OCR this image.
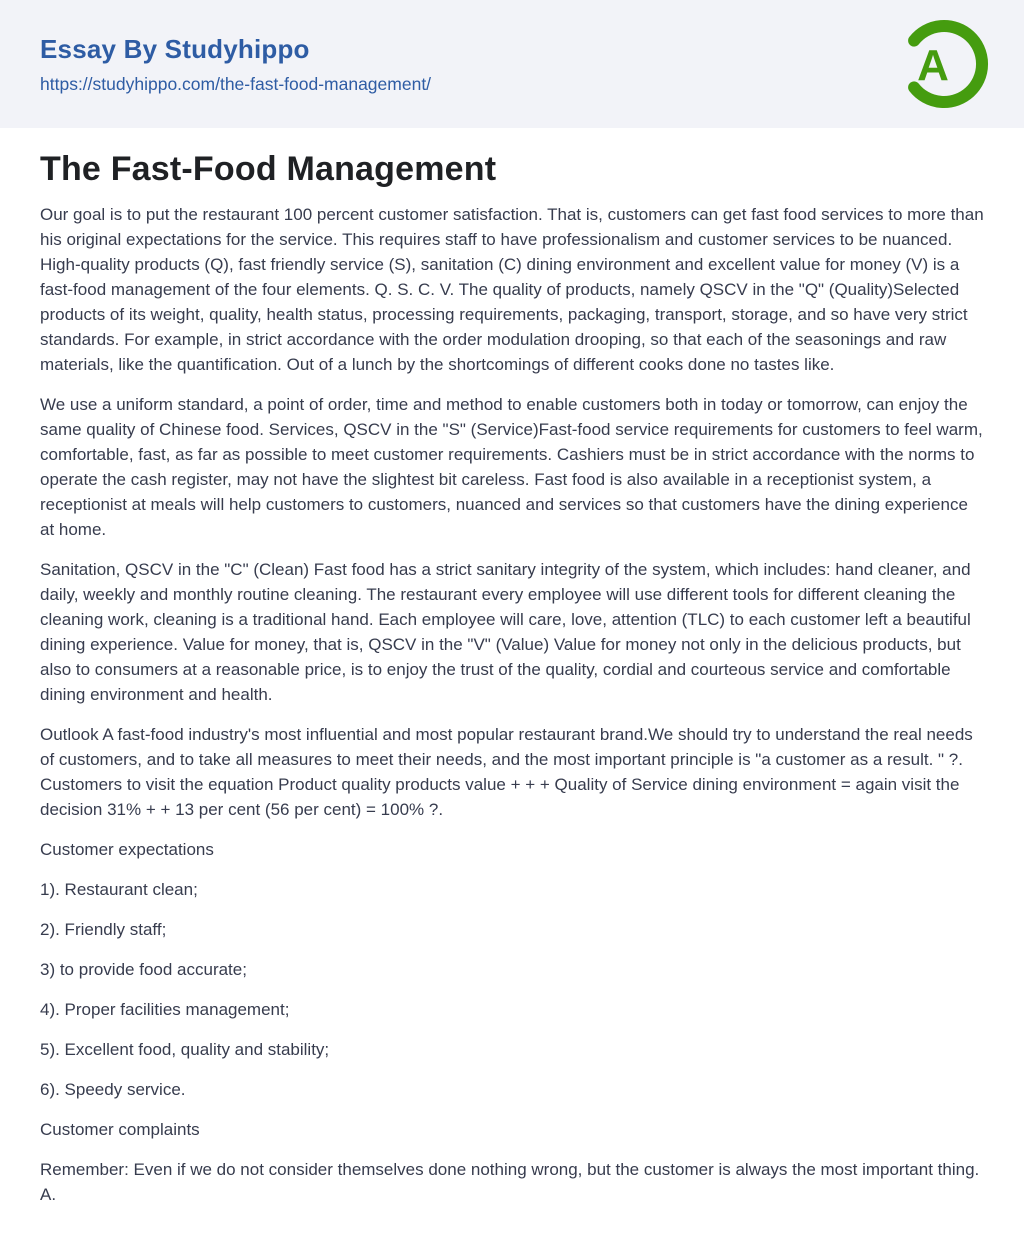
Essay By Studyhippo
https://studyhippo.com/the-fast-food-management/	A
The Fast-Food Management

Our goal is to put the restaurant 100 percent customer satisfaction. That is, customers can get fast food services to more than his original expectations for the service. This requires staff to have professionalism and customer services to be nuanced. High-quality products (Q), fast friendly service (S), sanitation (C) dining environment and excellent value for money (V) is a fast-food management of the four elements. Q. S. C. V. The quality of products, namely QSCV in the "Q" (Quality)Selected products of its weight, quality, health status, processing requirements, packaging, transport, storage, and so have very strict standards. For example, in strict accordance with the order modulation drooping, so that each of the seasonings and raw materials, like the quantification. Out of a lunch by the shortcomings of different cooks done no tastes like.

We use a uniform standard, a point of order, time and method to enable customers both in today or tomorrow, can enjoy the same quality of Chinese food. Services, QSCV in the "S" (Service)Fast-food service requirements for customers to feel warm, comfortable, fast, as far as possible to meet customer requirements. Cashiers must be in strict accordance with the norms to operate the cash register, may not have the slightest bit careless. Fast food is also available in a receptionist system, a receptionist at meals will help customers to customers, nuanced and services so that customers have the dining experience at home.

Sanitation, QSCV in the "C" (Clean) Fast food has a strict sanitary integrity of the system, which includes: hand cleaner, and daily, weekly and monthly routine cleaning. The restaurant every employee will use different tools for different cleaning the cleaning work, cleaning is a traditional hand. Each employee will care, love, attention (TLC) to each customer left a beautiful dining experience. Value for money, that is, QSCV in the "V" (Value) Value for money not only in the delicious products, but also to consumers at a reasonable price, is to enjoy the trust of the quality, cordial and courteous service and comfortable dining environment and health.

Outlook A fast-food industry's most influential and most popular restaurant brand.We should try to understand the real needs of customers, and to take all measures to meet their needs, and the most important principle is "a customer as a result. " ?. Customers to visit the equation Product quality products value + + + Quality of Service dining environment = again visit the decision 31% + + 13 per cent (56 per cent) = 100% ?.

Customer expectations

1). Restaurant clean;

2). Friendly staff;

3) to provide food accurate;

4). Proper facilities management;

5). Excellent food, quality and stability;

6). Speedy service.

Customer complaints

Remember: Even if we do not consider themselves done nothing wrong, but the customer is always the most important thing. A.
